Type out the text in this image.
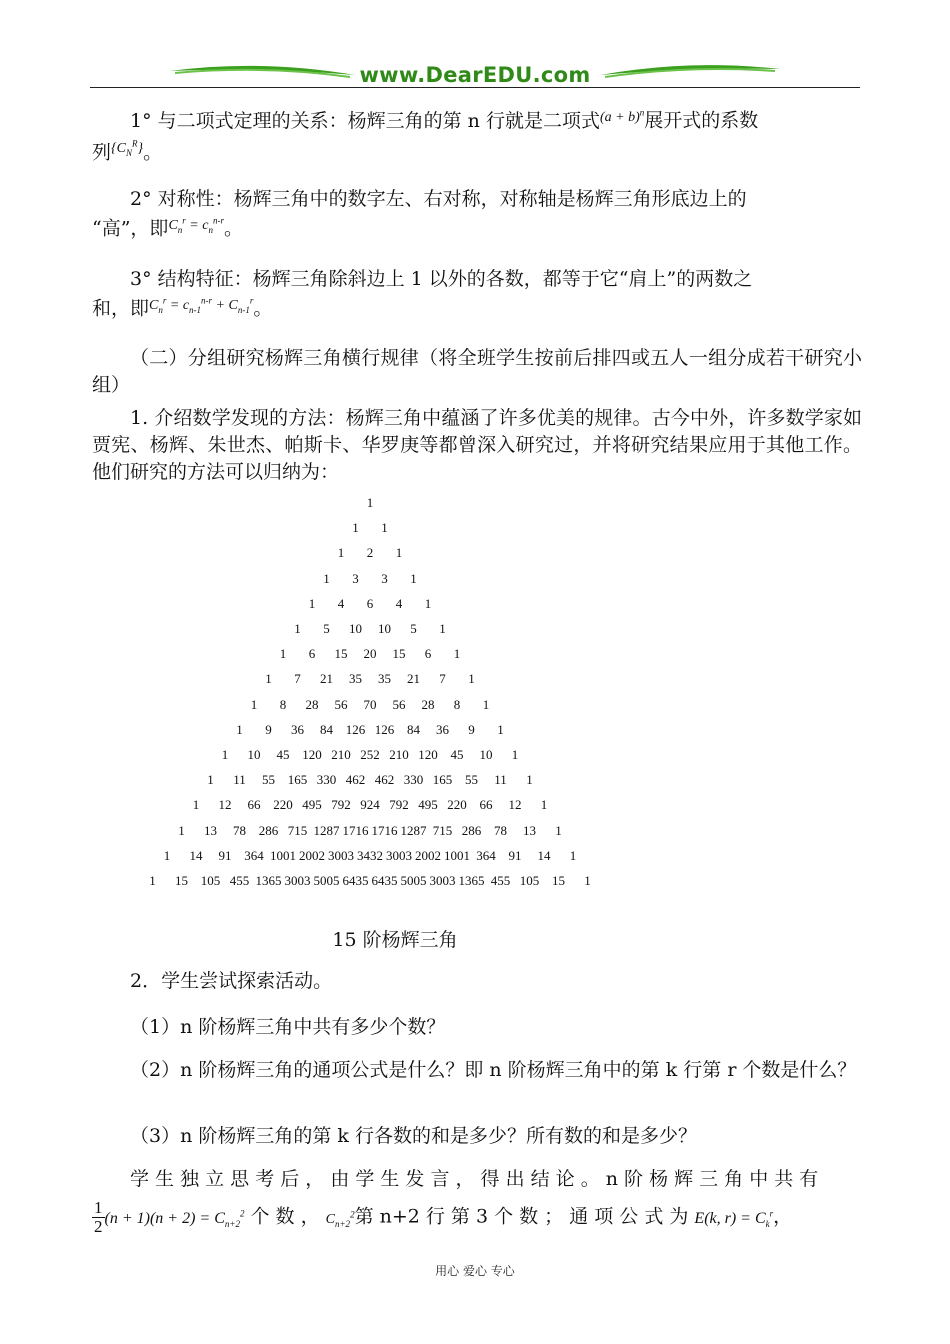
www.DearEDU.com
1° 与二项式定理的关系：杨辉三角的第 n 行就是二项式$^{(a + b)^n}$展开式的系数
列$^{\{C_N^R\}}$。
2° 对称性：杨辉三角中的数字左、右对称，对称轴是杨辉三角形底边上的
“高”，即$^{C_n^r = c_n^{n-r}}$。
3° 结构特征：杨辉三角除斜边上 1 以外的各数，都等于它“肩上”的两数之
和，即$^{C_n^r = c_{n-1}^{n-r} + C_{n-1}^r}$。
（二）分组研究杨辉三角横行规律（将全班学生按前后排四或五人一组分成若干研究小组）
1. 介绍数学发现的方法：杨辉三角中蕴涵了许多优美的规律。古今中外，许多数学家如贾宪、杨辉、朱世杰、帕斯卡、华罗庚等都曾深入研究过，并将研究结果应用于其他工作。他们研究的方法可以归纳为：
1
1 1
1 2 1
1 3 3 1
1 4 6 4 1
1 5 10 10 5 1
1 6 15 20 15 6 1
1 7 21 35 35 21 7 1
1 8 28 56 70 56 28 8 1
1 9 36 84 126 126 84 36 9 1
1 10 45 120 210 252 210 120 45 10 1
1 11 55 165 330 462 462 330 165 55 11 1
1 12 66 220 495 792 924 792 495 220 66 12 1
1 13 78 286 715 1287 1716 1716 1287 715 286 78 13 1
1 14 91 364 1001 2002 3003 3432 3003 2002 1001 364 91 14 1
1 15 105 455 1365 3003 5005 6435 6435 5005 3003 1365 455 105 15 1
15 阶杨辉三角
2．学生尝试探索活动。
（1）n 阶杨辉三角中共有多少个数？
（2）n 阶杨辉三角的通项公式是什么？即 n 阶杨辉三角中的第 k 行第 r 个数是什么？
（3）n 阶杨辉三角的第 k 行各数的和是多少？所有数的和是多少？
学 生 独 立 思 考 后 ， 由 学 生 发 言 ， 得 出 结 论 。 n 阶 杨 辉 三 角 中 共 有

$\frac{1}{2} (n + 1)(n + 2) = C_{n+2}^2$ 个 数 ， $C_{n+2}^2$第 n+2 行 第 3 个 数 ； 通 项 公 式 为 E(k, $r) = C_k^r$，
用心 爱心 专心
